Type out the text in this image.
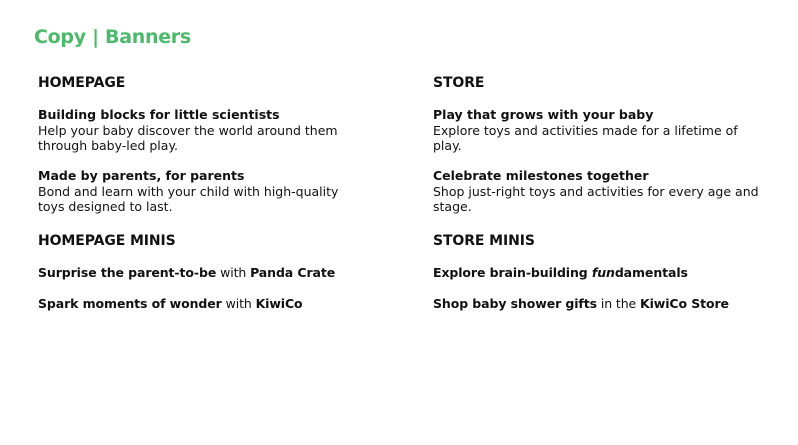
Copy | Banners
HOMEPAGE
Building blocks for little scientists
Help your baby discover the world around them through baby-led play.
Made by parents, for parents
Bond and learn with your child with high-quality toys designed to last.
HOMEPAGE MINIS
Surprise the parent-to-be with Panda Crate
Spark moments of wonder with KiwiCo
STORE
Play that grows with your baby
Explore toys and activities made for a lifetime of play.
Celebrate milestones together
Shop just-right toys and activities for every age and stage.
STORE MINIS
Explore brain-building fundamentals
Shop baby shower gifts in the KiwiCo Store
